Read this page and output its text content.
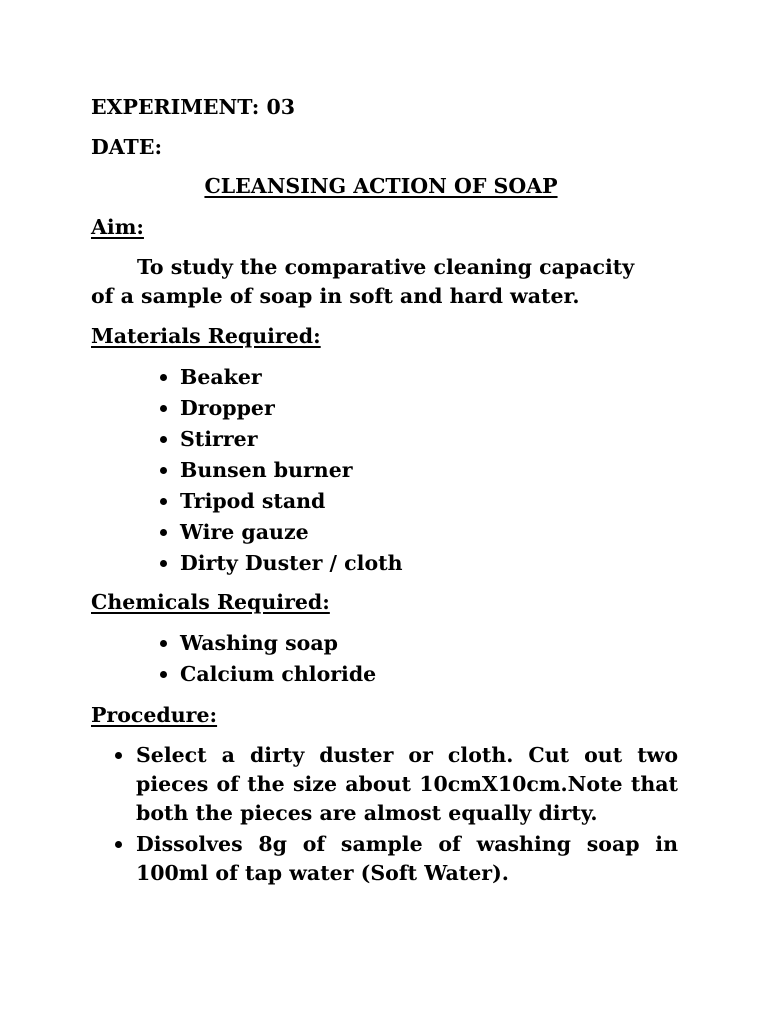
EXPERIMENT: 03
DATE:
CLEANSING ACTION OF SOAP
Aim:
To study the comparative cleaning capacity
of a sample of soap in soft and hard water.
Materials Required:
Beaker
Dropper
Stirrer
Bunsen burner
Tripod stand
Wire gauze
Dirty Duster / cloth
Chemicals Required:
Washing soap
Calcium chloride
Procedure:
Select a dirty duster or cloth. Cut out two pieces of the size about 10cmX10cm.Note that both the pieces are almost equally dirty.
Dissolves 8g of sample of washing soap in 100ml of tap water (Soft Water).
